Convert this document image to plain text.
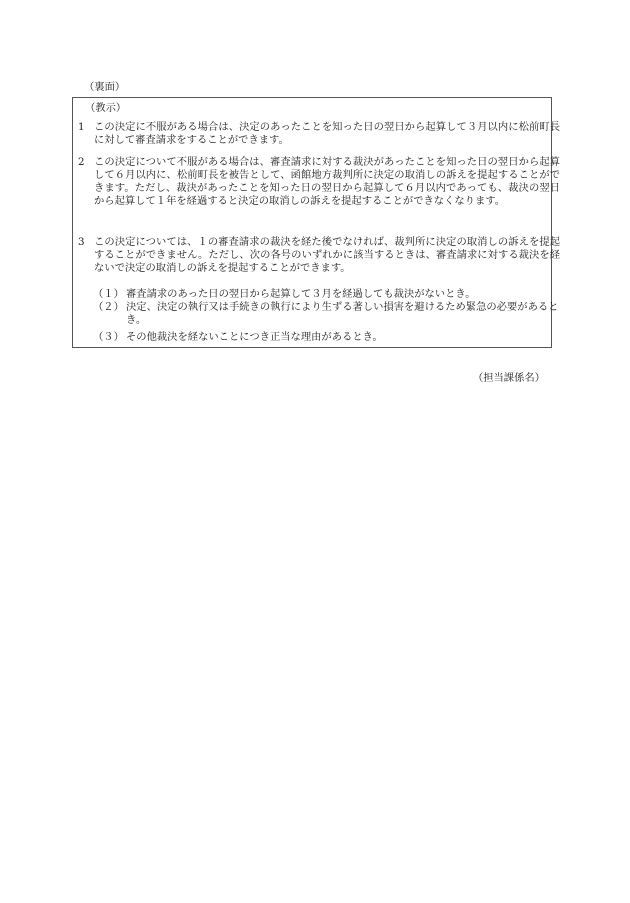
（裏面）
（教示）
1 この決定に不服がある場合は、決定のあったことを知った日の翌日から起算して３月以内に松前町長に対して審査請求をすることができます。
2 この決定について不服がある場合は、審査請求に対する裁決があったことを知った日の翌日から起算して６月以内に、松前町長を被告として、函館地方裁判所に決定の取消しの訴えを提起することができます。ただし、裁決があったことを知った日の翌日から起算して６月以内であっても、裁決の翌日から起算して１年を経過すると決定の取消しの訴えを提起することができなくなります。
3 この決定については、１の審査請求の裁決を経た後でなければ、裁判所に決定の取消しの訴えを提起することができません。ただし、次の各号のいずれかに該当するときは、審査請求に対する裁決を経ないで決定の取消しの訴えを提起することができます。
（１） 審査請求のあった日の翌日から起算して３月を経過しても裁決がないとき。
（２） 決定、決定の執行又は手続きの執行により生ずる著しい損害を避けるため緊急の必要があるとき。
（３） その他裁決を経ないことにつき正当な理由があるとき。
（担当課係名）
